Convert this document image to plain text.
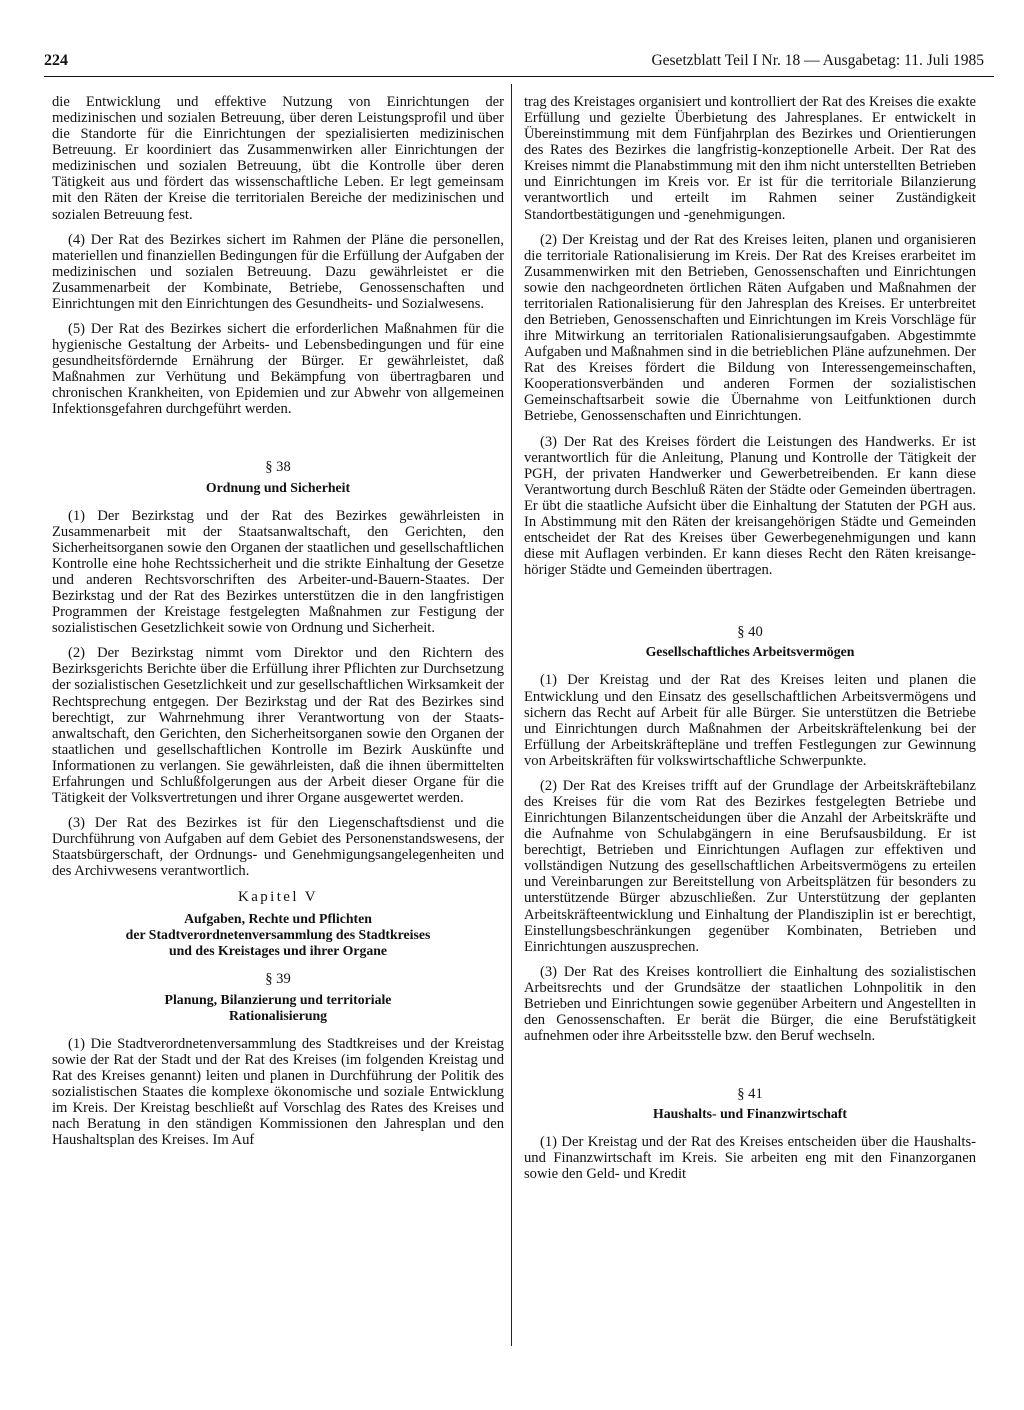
224	Gesetzblatt Teil I Nr. 18 — Ausgabetag: 11. Juli 1985

die Entwicklung und effektive Nutzung von Einrichtungen der medizinischen und sozialen Betreuung, über deren Leistungsprofil und über die Standorte für die Einrichtungen der spezialisierten medizinischen Betreuung. Er koordiniert das Zusammenwirken aller Einrichtungen der medizinischen und sozialen Betreuung, übt die Kontrolle über deren Tätigkeit aus und fördert das wissenschaftliche Leben. Er legt gemeinsam mit den Räten der Kreise die territorialen Bereiche der medizinischen und sozialen Betreuung fest.

(4) Der Rat des Bezirkes sichert im Rahmen der Pläne die personellen, materiellen und finanziellen Bedingungen für die Erfüllung der Aufgaben der medizinischen und sozialen Betreuung. Dazu gewährleistet er die Zusammenarbeit der Kombinate, Betriebe, Genossenschaften und Einrichtungen mit den Einrichtungen des Gesundheits- und Sozialwesens.

(5) Der Rat des Bezirkes sichert die erforderlichen Maßnahmen für die hygienische Gestaltung der Arbeits- und Lebensbedingungen und für eine gesundheitsfördernde Ernährung der Bürger. Er gewährleistet, daß Maßnahmen zur Verhütung und Bekämpfung von übertragbaren und chronischen Krankheiten, von Epidemien und zur Abwehr von allgemeinen Infektionsgefahren durchgeführt werden.

§ 38
Ordnung und Sicherheit

(1) Der Bezirkstag und der Rat des Bezirkes gewährleisten in Zusammenarbeit mit der Staatsanwaltschaft, den Gerichten, den Sicherheitsorganen sowie den Organen der staatlichen und gesellschaftlichen Kontrolle eine hohe Rechtssicherheit und die strikte Einhaltung der Gesetze und anderen Rechtsvorschriften des Arbeiter-und-Bauern-Staates. Der Bezirkstag und der Rat des Bezirkes unterstützen die in den langfristigen Programmen der Kreistage festgelegten Maßnahmen zur Festigung der sozialistischen Gesetzlichkeit sowie von Ordnung und Sicherheit.

(2) Der Bezirkstag nimmt vom Direktor und den Richtern des Bezirksgerichts Berichte über die Erfüllung ihrer Pflichten zur Durchsetzung der sozialistischen Gesetzlichkeit und zur gesellschaftlichen Wirksamkeit der Rechtsprechung entgegen. Der Bezirkstag und der Rat des Bezirkes sind berechtigt, zur Wahrnehmung ihrer Verantwortung von der Staatsanwaltschaft, den Gerichten, den Sicherheitsorganen sowie den Organen der staatlichen und gesellschaftlichen Kontrolle im Bezirk Auskünfte und Informationen zu verlangen. Sie gewährleisten, daß die ihnen übermittelten Erfahrungen und Schlußfolgerungen aus der Arbeit dieser Organe für die Tätigkeit der Volksvertretungen und ihrer Organe ausgewertet werden.

(3) Der Rat des Bezirkes ist für den Liegenschaftsdienst und die Durchführung von Aufgaben auf dem Gebiet des Personenstandswesens, der Staatsbürgerschaft, der Ordnungs- und Genehmigungsangelegenheiten und des Archivwesens verantwortlich.

Kapitel V
Aufgaben, Rechte und Pflichten
der Stadtverordnetenversammlung des Stadtkreises
und des Kreistages und ihrer Organe
§ 39
Planung, Bilanzierung und territoriale
Rationalisierung

(1) Die Stadtverordnetenversammlung des Stadtkreises und der Kreistag sowie der Rat der Stadt und der Rat des Kreises (im folgenden Kreistag und Rat des Kreises genannt) leiten und planen in Durchführung der Politik des sozialistischen Staates die komplexe ökonomische und soziale Entwicklung im Kreis. Der Kreistag beschließt auf Vorschlag des Rates des Kreises und nach Beratung in den ständigen Kommissionen den Jahresplan und den Haushaltsplan des Kreises. Im Auf

trag des Kreistages organisiert und kontrolliert der Rat des Kreises die exakte Erfüllung und gezielte Überbietung des Jahresplanes. Er entwickelt in Übereinstimmung mit dem Fünfjahrplan des Bezirkes und Orientierungen des Rates des Bezirkes die langfristig-konzeptionelle Arbeit. Der Rat des Kreises nimmt die Planabstimmung mit den ihm nicht unterstellten Betrieben und Einrichtungen im Kreis vor. Er ist für die territoriale Bilanzierung verantwortlich und erteilt im Rahmen seiner Zuständigkeit Standortbestätigungen und -genehmigungen.

(2) Der Kreistag und der Rat des Kreises leiten, planen und organisieren die territoriale Rationalisierung im Kreis. Der Rat des Kreises erarbeitet im Zusammenwirken mit den Betrieben, Genossenschaften und Einrichtungen sowie den nachgeordneten örtlichen Räten Aufgaben und Maßnahmen der territorialen Rationalisierung für den Jahresplan des Kreises. Er unterbreitet den Betrieben, Genossenschaften und Einrichtungen im Kreis Vorschläge für ihre Mitwirkung an territorialen Rationalisierungsaufgaben. Abgestimmte Aufgaben und Maßnahmen sind in die betrieblichen Pläne aufzunehmen. Der Rat des Kreises fördert die Bildung von Interessengemeinschaften, Kooperationsverbänden und anderen Formen der sozialistischen Gemeinschaftsarbeit sowie die Übernahme von Leitfunktionen durch Betriebe, Genossenschaften und Einrichtungen.

(3) Der Rat des Kreises fördert die Leistungen des Handwerks. Er ist verantwortlich für die Anleitung, Planung und Kontrolle der Tätigkeit der PGH, der privaten Handwerker und Gewerbetreibenden. Er kann diese Verantwortung durch Beschluß Räten der Städte oder Gemeinden übertragen. Er übt die staatliche Aufsicht über die Einhaltung der Statuten der PGH aus. In Abstimmung mit den Räten der kreisangehörigen Städte und Gemeinden entscheidet der Rat des Kreises über Gewerbegenehmigungen und kann diese mit Auflagen verbinden. Er kann dieses Recht den Räten kreisangehöriger Städte und Gemeinden übertragen.

§ 40
Gesellschaftliches Arbeitsvermögen

(1) Der Kreistag und der Rat des Kreises leiten und planen die Entwicklung und den Einsatz des gesellschaftlichen Arbeitsvermögens und sichern das Recht auf Arbeit für alle Bürger. Sie unterstützen die Betriebe und Einrichtungen durch Maßnahmen der Arbeitskräftelenkung bei der Erfüllung der Arbeitskräftepläne und treffen Festlegungen zur Gewinnung von Arbeitskräften für volkswirtschaftliche Schwerpunkte.

(2) Der Rat des Kreises trifft auf der Grundlage der Arbeitskräftebilanz des Kreises für die vom Rat des Bezirkes festgelegten Betriebe und Einrichtungen Bilanzentscheidungen über die Anzahl der Arbeitskräfte und die Aufnahme von Schulabgängern in eine Berufsausbildung. Er ist berechtigt, Betrieben und Einrichtungen Auflagen zur effektiven und vollständigen Nutzung des gesellschaftlichen Arbeitsvermögens zu erteilen und Vereinbarungen zur Bereitstellung von Arbeitsplätzen für besonders zu unterstützende Bürger abzuschließen. Zur Unterstützung der geplanten Arbeitskräfteentwicklung und Einhaltung der Plandisziplin ist er berechtigt, Einstellungsbeschränkungen gegenüber Kombinaten, Betrieben und Einrichtungen auszusprechen.

(3) Der Rat des Kreises kontrolliert die Einhaltung des sozialistischen Arbeitsrechts und der Grundsätze der staatlichen Lohnpolitik in den Betrieben und Einrichtungen sowie gegenüber Arbeitern und Angestellten in den Genossenschaften. Er berät die Bürger, die eine Berufstätigkeit aufnehmen oder ihre Arbeitsstelle bzw. den Beruf wechseln.

§ 41
Haushalts- und Finanzwirtschaft

(1) Der Kreistag und der Rat des Kreises entscheiden über die Haushalts- und Finanzwirtschaft im Kreis. Sie arbeiten eng mit den Finanzorganen sowie den Geld- und Kredit
